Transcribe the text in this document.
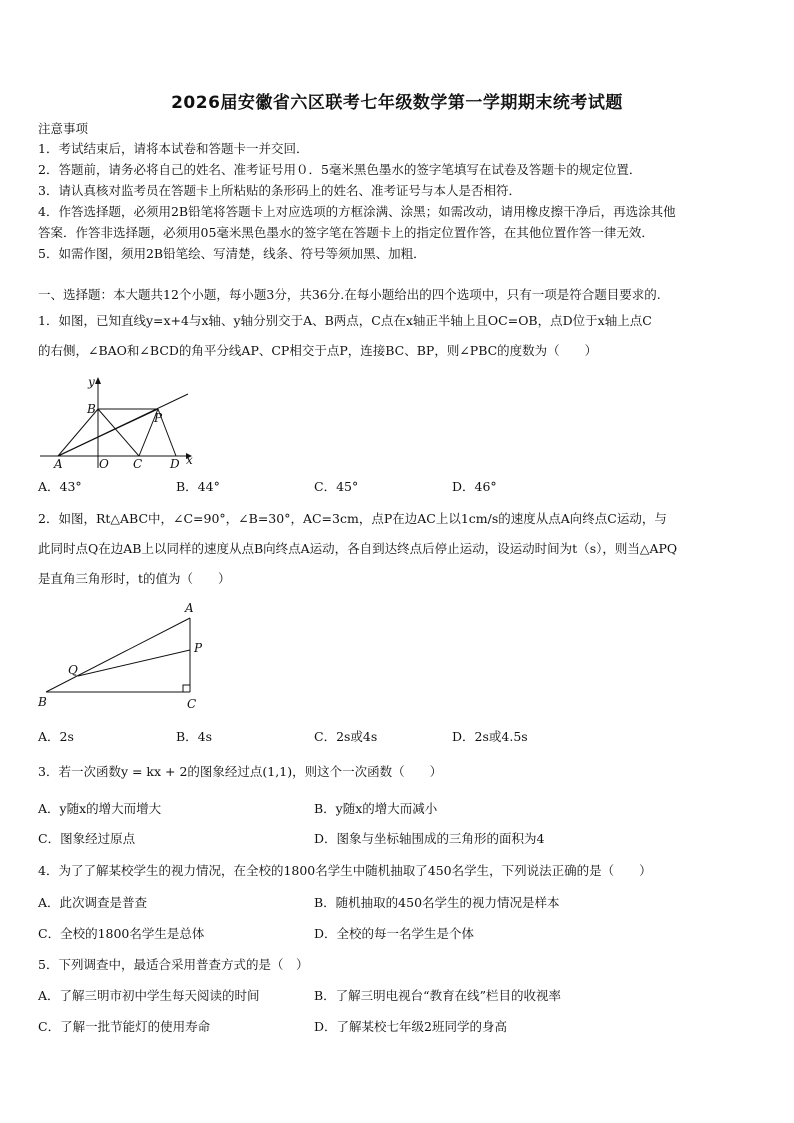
2026届安徽省六区联考七年级数学第一学期期末统考试题
注意事项
1．考试结束后，请将本试卷和答题卡一并交回．
2．答题前，请务必将自己的姓名、准考证号用０．5毫米黑色墨水的签字笔填写在试卷及答题卡的规定位置．
3．请认真核对监考员在答题卡上所粘贴的条形码上的姓名、准考证号与本人是否相符．
4．作答选择题，必须用2B铅笔将答题卡上对应选项的方框涂满、涂黑；如需改动，请用橡皮擦干净后，再选涂其他
答案．作答非选择题，必须用05毫米黑色墨水的签字笔在答题卡上的指定位置作答，在其他位置作答一律无效．
5．如需作图，须用2B铅笔绘、写清楚，线条、符号等须加黑、加粗．
一、选择题：本大题共12个小题，每小题3分，共36分.在每小题给出的四个选项中，只有一项是符合题目要求的.
1．如图，已知直线y=x+4与x轴、y轴分别交于A、B两点，C点在x轴正半轴上且OC=OB，点D位于x轴上点C
的右侧，∠BAO和∠BCD的角平分线AP、CP相交于点P，连接BC、BP，则∠PBC的度数为（　　）
y
x
B
P
A	O C D
A．43°	B．44°	C．45°	D．46°
2．如图，Rt△ABC中，∠C=90°，∠B=30°，AC=3cm，点P在边AC上以1cm/s的速度从点A向终点C运动，与
此同时点Q在边AB上以同样的速度从点B向终点A运动，各自到达终点后停止运动，设运动时间为t（s），则当△APQ
是直角三角形时，t的值为（　　）
A
P
Q
B	C
A．2s	B．4s	C．2s或4s	D．2s或4.5s
3．若一次函数y = kx + 2的图象经过点(1,1)，则这个一次函数（　　）
A．y随x的增大而增大	B．y随x的增大而减小
C．图象经过原点	D．图象与坐标轴围成的三角形的面积为4
4．为了了解某校学生的视力情况，在全校的1800名学生中随机抽取了450名学生，下列说法正确的是（　　）
A．此次调查是普查	B．随机抽取的450名学生的视力情况是样本
C．全校的1800名学生是总体	D．全校的每一名学生是个体
5．下列调查中，最适合采用普查方式的是（　）
A．了解三明市初中学生每天阅读的时间	B．了解三明电视台“教育在线”栏目的收视率
C．了解一批节能灯的使用寿命	D．了解某校七年级2班同学的身高
